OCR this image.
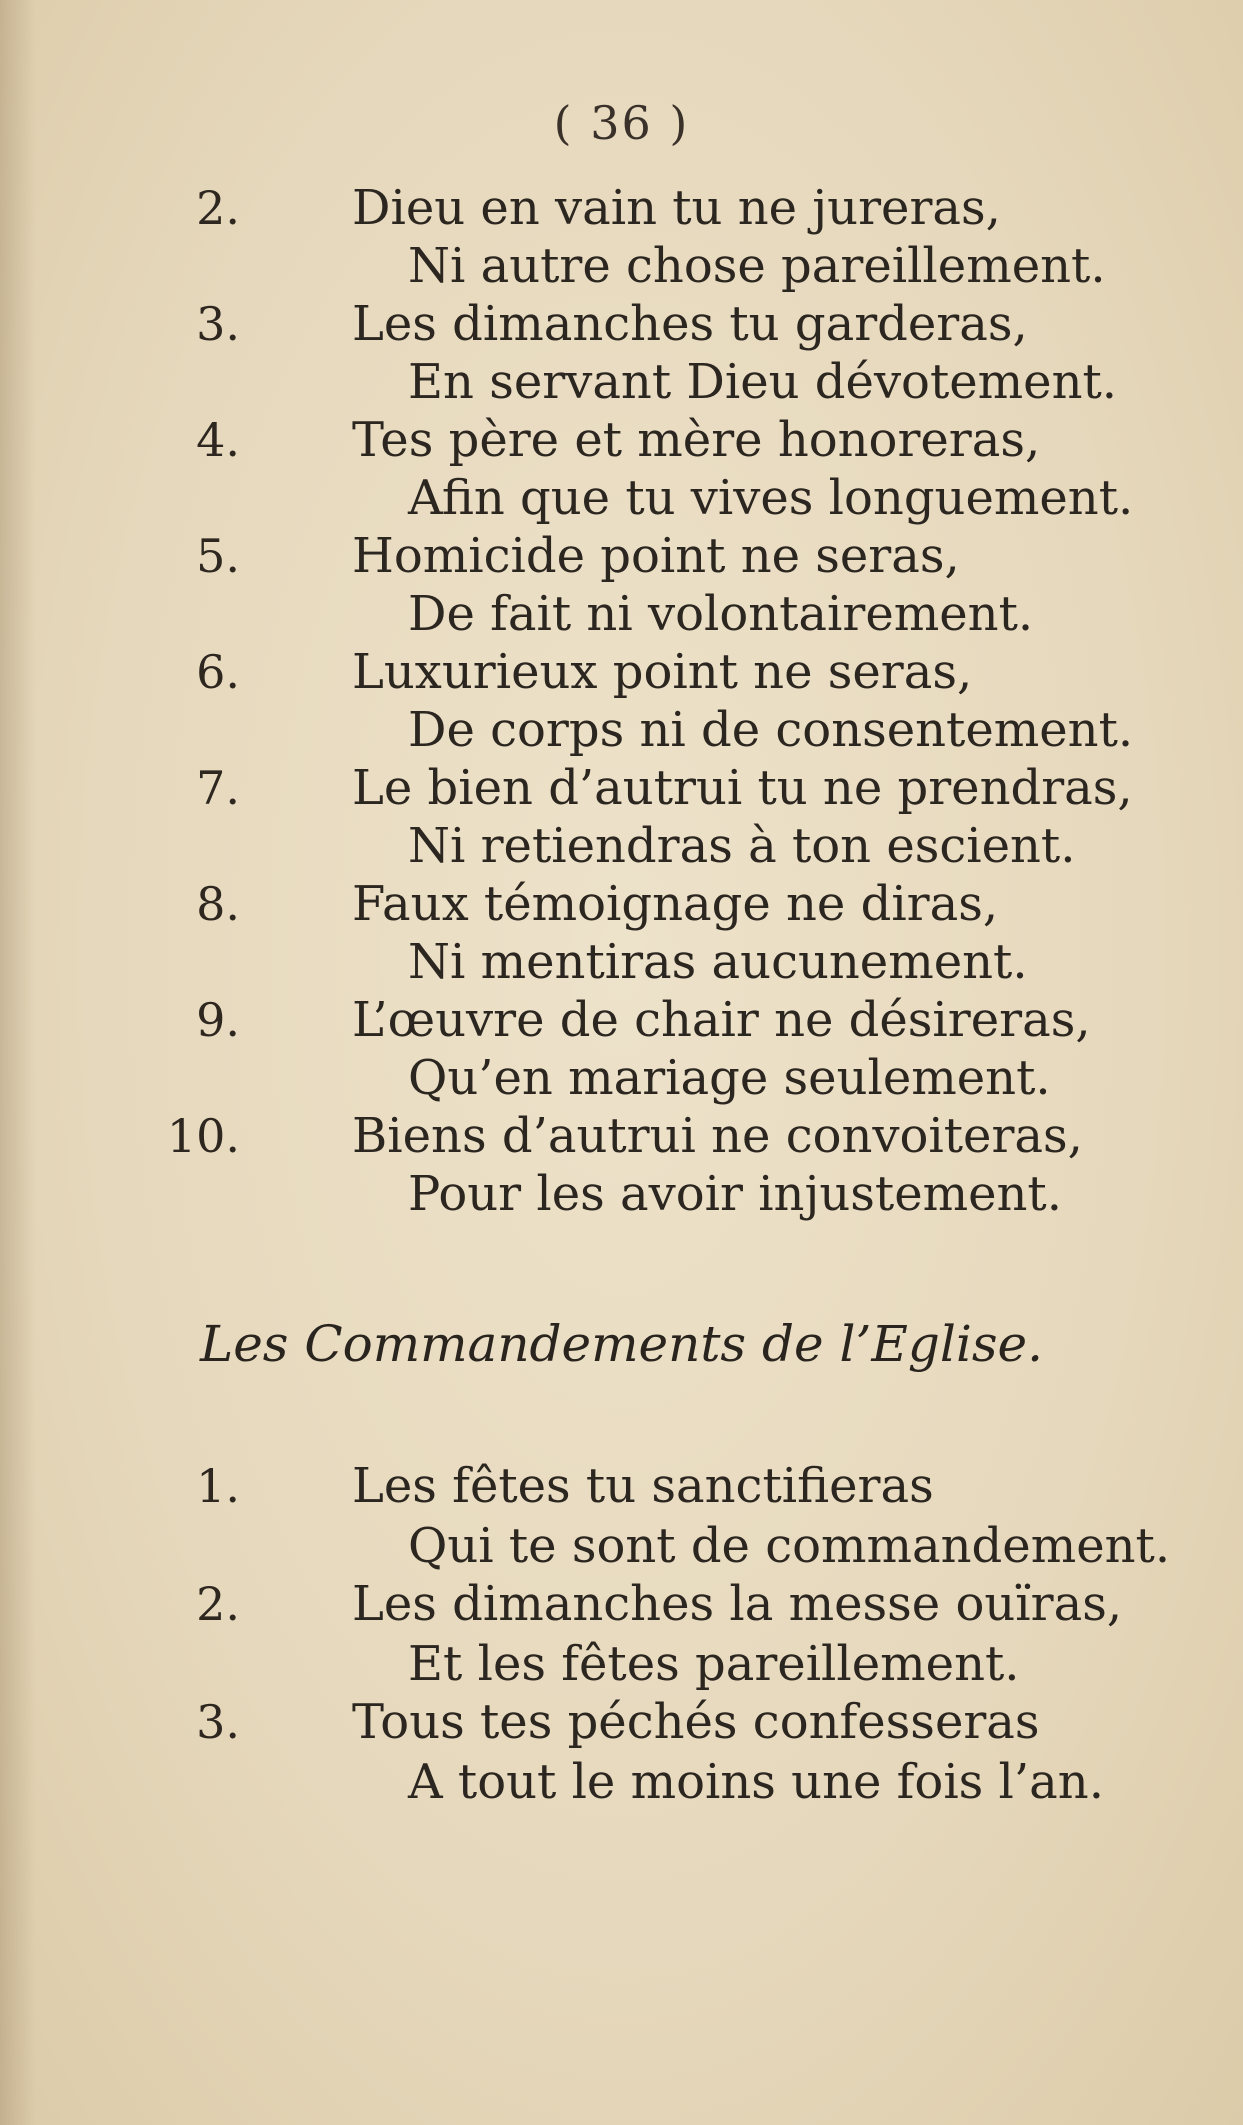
( 36 )
2. Dieu en vain tu ne jureras,
Ni autre chose pareillement.
3. Les dimanches tu garderas,
En servant Dieu dévotement.
4. Tes père et mère honoreras,
Afin que tu vives longuement.
5. Homicide point ne seras,
De fait ni volontairement.
6. Luxurieux point ne seras,
De corps ni de consentement.
7. Le bien d’autrui tu ne prendras,
Ni retiendras à ton escient.
8. Faux témoignage ne diras,
Ni mentiras aucunement.
9. L’œuvre de chair ne désireras,
Qu’en mariage seulement.
10. Biens d’autrui ne convoiteras,
Pour les avoir injustement.
Les Commandements de l’Eglise.
1. Les fêtes tu sanctifieras
Qui te sont de commandement.
2. Les dimanches la messe ouïras,
Et les fêtes pareillement.
3. Tous tes péchés confesseras
A tout le moins une fois l’an.
